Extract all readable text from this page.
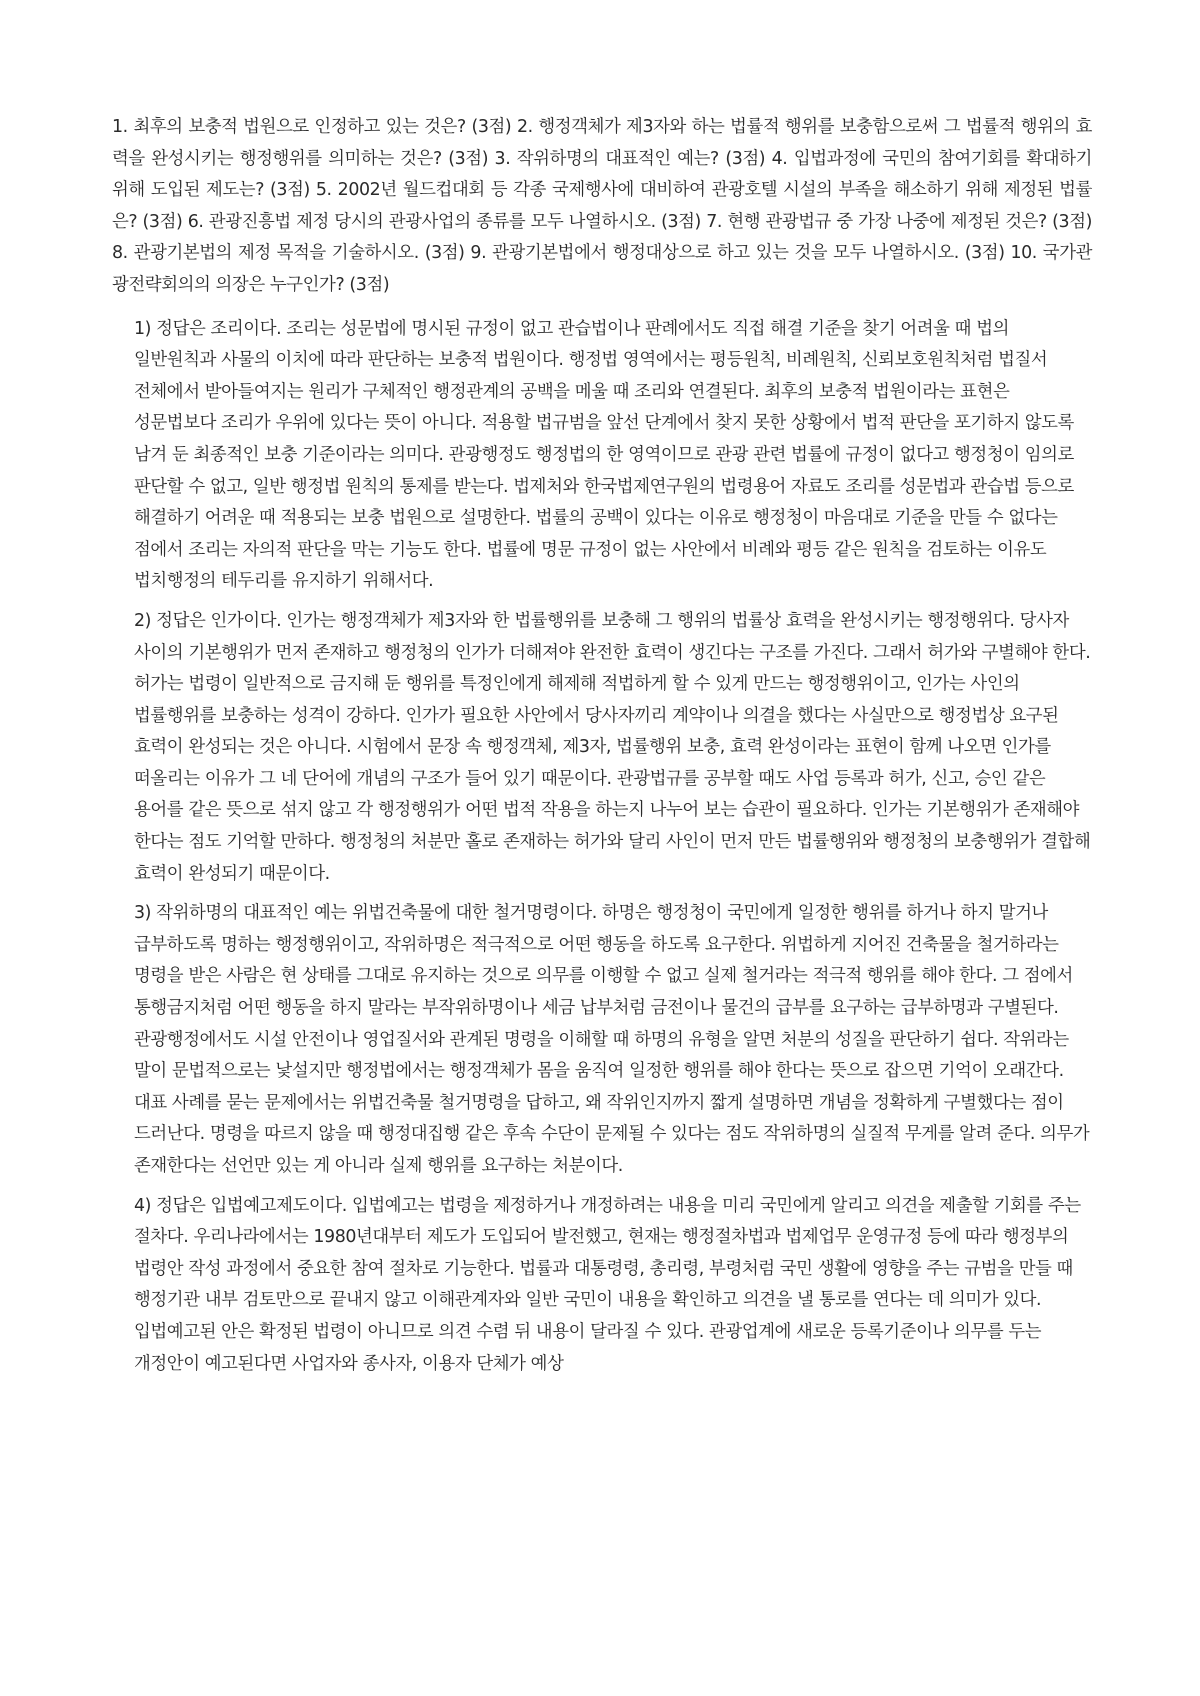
1. 최후의 보충적 법원으로 인정하고 있는 것은? (3점) 2. 행정객체가 제3자와 하는 법률적 행위를 보충함으로써 그 법률적 행위의 효력을 완성시키는 행정행위를 의미하는 것은? (3점) 3. 작위하명의 대표적인 예는? (3점) 4. 입법과정에 국민의 참여기회를 확대하기 위해 도입된 제도는? (3점) 5. 2002년 월드컵대회 등 각종 국제행사에 대비하여 관광호텔 시설의 부족을 해소하기 위해 제정된 법률은? (3점) 6. 관광진흥법 제정 당시의 관광사업의 종류를 모두 나열하시오. (3점) 7. 현행 관광법규 중 가장 나중에 제정된 것은? (3점) 8. 관광기본법의 제정 목적을 기술하시오. (3점) 9. 관광기본법에서 행정대상으로 하고 있는 것을 모두 나열하시오. (3점) 10. 국가관광전략회의의 의장은 누구인가? (3점)

1) 정답은 조리이다. 조리는 성문법에 명시된 규정이 없고 관습법이나 판례에서도 직접 해결 기준을 찾기 어려울 때 법의 일반원칙과 사물의 이치에 따라 판단하는 보충적 법원이다. 행정법 영역에서는 평등원칙, 비례원칙, 신뢰보호원칙처럼 법질서 전체에서 받아들여지는 원리가 구체적인 행정관계의 공백을 메울 때 조리와 연결된다. 최후의 보충적 법원이라는 표현은 성문법보다 조리가 우위에 있다는 뜻이 아니다. 적용할 법규범을 앞선 단계에서 찾지 못한 상황에서 법적 판단을 포기하지 않도록 남겨 둔 최종적인 보충 기준이라는 의미다. 관광행정도 행정법의 한 영역이므로 관광 관련 법률에 규정이 없다고 행정청이 임의로 판단할 수 없고, 일반 행정법 원칙의 통제를 받는다. 법제처와 한국법제연구원의 법령용어 자료도 조리를 성문법과 관습법 등으로 해결하기 어려운 때 적용되는 보충 법원으로 설명한다. 법률의 공백이 있다는 이유로 행정청이 마음대로 기준을 만들 수 없다는 점에서 조리는 자의적 판단을 막는 기능도 한다. 법률에 명문 규정이 없는 사안에서 비례와 평등 같은 원칙을 검토하는 이유도 법치행정의 테두리를 유지하기 위해서다.
2) 정답은 인가이다. 인가는 행정객체가 제3자와 한 법률행위를 보충해 그 행위의 법률상 효력을 완성시키는 행정행위다. 당사자 사이의 기본행위가 먼저 존재하고 행정청의 인가가 더해져야 완전한 효력이 생긴다는 구조를 가진다. 그래서 허가와 구별해야 한다. 허가는 법령이 일반적으로 금지해 둔 행위를 특정인에게 해제해 적법하게 할 수 있게 만드는 행정행위이고, 인가는 사인의 법률행위를 보충하는 성격이 강하다. 인가가 필요한 사안에서 당사자끼리 계약이나 의결을 했다는 사실만으로 행정법상 요구된 효력이 완성되는 것은 아니다. 시험에서 문장 속 행정객체, 제3자, 법률행위 보충, 효력 완성이라는 표현이 함께 나오면 인가를 떠올리는 이유가 그 네 단어에 개념의 구조가 들어 있기 때문이다. 관광법규를 공부할 때도 사업 등록과 허가, 신고, 승인 같은 용어를 같은 뜻으로 섞지 않고 각 행정행위가 어떤 법적 작용을 하는지 나누어 보는 습관이 필요하다. 인가는 기본행위가 존재해야 한다는 점도 기억할 만하다. 행정청의 처분만 홀로 존재하는 허가와 달리 사인이 먼저 만든 법률행위와 행정청의 보충행위가 결합해 효력이 완성되기 때문이다.
3) 작위하명의 대표적인 예는 위법건축물에 대한 철거명령이다. 하명은 행정청이 국민에게 일정한 행위를 하거나 하지 말거나 급부하도록 명하는 행정행위이고, 작위하명은 적극적으로 어떤 행동을 하도록 요구한다. 위법하게 지어진 건축물을 철거하라는 명령을 받은 사람은 현 상태를 그대로 유지하는 것으로 의무를 이행할 수 없고 실제 철거라는 적극적 행위를 해야 한다. 그 점에서 통행금지처럼 어떤 행동을 하지 말라는 부작위하명이나 세금 납부처럼 금전이나 물건의 급부를 요구하는 급부하명과 구별된다. 관광행정에서도 시설 안전이나 영업질서와 관계된 명령을 이해할 때 하명의 유형을 알면 처분의 성질을 판단하기 쉽다. 작위라는 말이 문법적으로는 낯설지만 행정법에서는 행정객체가 몸을 움직여 일정한 행위를 해야 한다는 뜻으로 잡으면 기억이 오래간다. 대표 사례를 묻는 문제에서는 위법건축물 철거명령을 답하고, 왜 작위인지까지 짧게 설명하면 개념을 정확하게 구별했다는 점이 드러난다. 명령을 따르지 않을 때 행정대집행 같은 후속 수단이 문제될 수 있다는 점도 작위하명의 실질적 무게를 알려 준다. 의무가 존재한다는 선언만 있는 게 아니라 실제 행위를 요구하는 처분이다.
4) 정답은 입법예고제도이다. 입법예고는 법령을 제정하거나 개정하려는 내용을 미리 국민에게 알리고 의견을 제출할 기회를 주는 절차다. 우리나라에서는 1980년대부터 제도가 도입되어 발전했고, 현재는 행정절차법과 법제업무 운영규정 등에 따라 행정부의 법령안 작성 과정에서 중요한 참여 절차로 기능한다. 법률과 대통령령, 총리령, 부령처럼 국민 생활에 영향을 주는 규범을 만들 때 행정기관 내부 검토만으로 끝내지 않고 이해관계자와 일반 국민이 내용을 확인하고 의견을 낼 통로를 연다는 데 의미가 있다. 입법예고된 안은 확정된 법령이 아니므로 의견 수렴 뒤 내용이 달라질 수 있다. 관광업계에 새로운 등록기준이나 의무를 두는 개정안이 예고된다면 사업자와 종사자, 이용자 단체가 예상
